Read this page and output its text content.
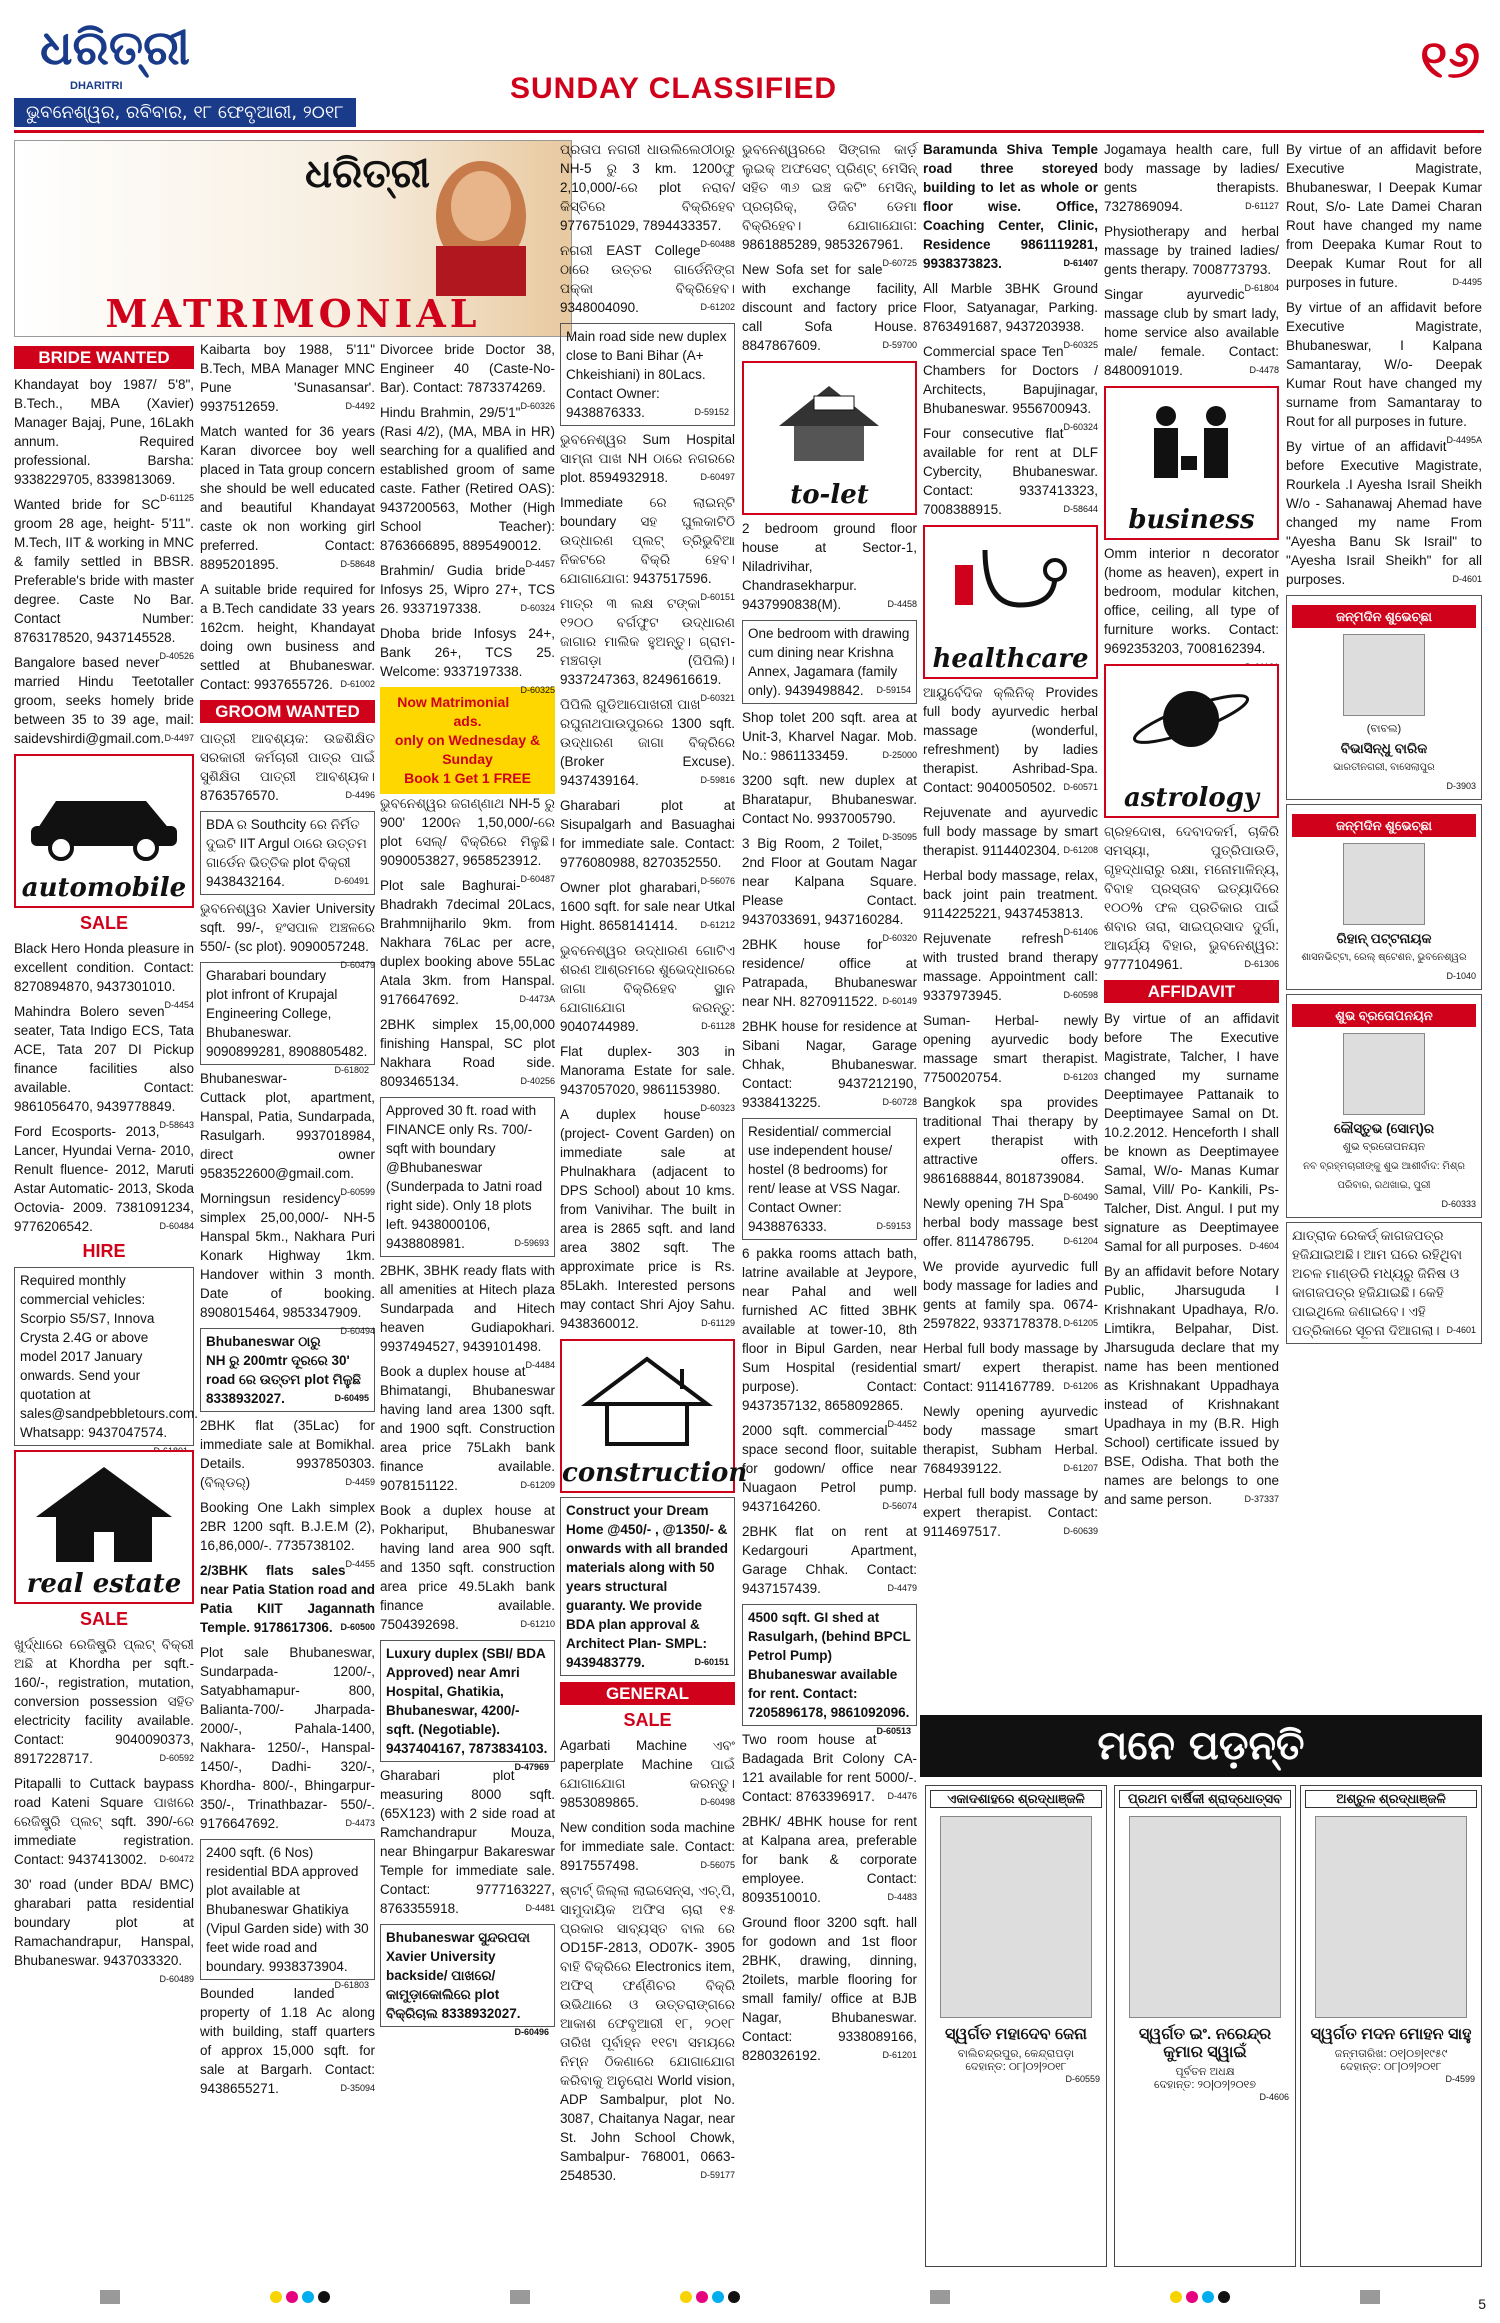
ଧରିତ୍ରୀ
DHARITRI
ଭୁବନେଶ୍ୱର, ରବିବାର, ୧୮ ଫେବୃଆରୀ, ୨୦୧୮
SUNDAY CLASSIFIED	୧୬
ଧରିତ୍ରୀ
MATRIMONIAL
BRIDE WANTED

Khandayat boy 1987/ 5'8", B.Tech., MBA (Xavier) Manager Bajaj, Pune, 16Lakh annum. Required professional. Barsha: 9338229705, 8339813069.
D-61125

Wanted bride for SC groom 28 age, height- 5'11". M.Tech, IIT & working in MNC & family settled in BBSR. Preferable's bride with master degree. Caste No Bar. Contact Number: 8763178520, 9437145528.
D-40526

Bangalore based never married Hindu Teetotaller groom, seeks homely bride between 35 to 39 age, mail: saidevshirdi@gmail.com. D-4497

automobile
SALE

Black Hero Honda pleasure in excellent condition. Contact: 8270894870, 9437301010.
D-4454

Mahindra Bolero seven seater, Tata Indigo ECS, Tata ACE, Tata 207 DI Pickup finance facilities also available. Contact: 9861056470, 9439778849.
D-58643

Ford Ecosports- 2013, Lancer, Hyundai Verna- 2010, Renult fluence- 2012, Maruti Astar Automatic- 2013, Skoda Octovia- 2009. 7381091234, 9776206542.	D-60484

HIRE
Required monthly commercial vehicles: Scorpio S5/S7, Innova Crysta 2.4G or above model 2017 January onwards. Send your quotation at sales@sandpebbletours.com. Whatsapp: 9437047574.
real estate
SALE

ଖୁର୍ଦ୍ଧାରେ ରେଜିଷ୍ଟ୍ରି ପ୍ଲଟ୍ ବିକ୍ରୀ ଅଛି at Khordha per sqft.- 160/-, registration, mutation, conversion possession ସହିତ electricity facility available. Contact: 9040090373, 8917228717.	D-60592

Pitapalli to Cuttack baypass road Kateni Square ପାଖରେ ରେଜିଷ୍ଟ୍ରି ପ୍ଲଟ୍ sqft. 390/-ରେ immediate registration. Contact: 9437413002. D-60472

30' road (under BDA/ BMC) gharabari patta residential boundary plot at Ramachandrapur, Hanspal, Bhubaneswar. 9437033320.
D-60489

Kaibarta boy 1988, 5'11" B.Tech, MBA Manager MNC Pune 'Sunasansar'. 9937512659.	D-4492

Match wanted for 36 years Karan divorcee boy well placed in Tata group concern she should be well educated and beautiful Khandayat caste ok non working girl preferred. Contact: 8895201895.	D-58648

A suitable bride required for a B.Tech candidate 33 years 162cm. height, Khandayat doing own business and settled at Bhubaneswar. Contact: 9937655726. D-61002

GROOM WANTED

ପାତ୍ରୀ ଆବଶ୍ୟକ: ଉଚ୍ଚଶିକ୍ଷିତ ସରକାରୀ କର୍ମଚାରୀ ପାତ୍ର ପାଇଁ ସୁଶିକ୍ଷିତା ପାତ୍ରୀ ଆବଶ୍ୟକ। 8763576570.	D-4496

BDA ର Southcity ରେ ନିର୍ମିତ ଦୁଇଟି IIT Argul ଠାରେ ଉତ୍ତମ ଗାର୍ଡେନ ଭିତ୍ତିକ plot ବିକ୍ରୀ 9438432164.	D-60491

ଭୁବନେଶ୍ୱର Xavier University sqft. 99/-, ହଂସପାଳ ଅଞ୍ଚଳରେ 550/- (sc plot). 9090057248.
D-60479

Gharabari boundary plot infront of Krupajal Engineering College, Bhubaneswar. 9090899281, 8908805482.
D-61802

Bhubaneswar- Cuttack plot, apartment, Hanspal, Patia, Sundarpada, Rasulgarh. 9937018984, direct owner 9583522600@gmail.com.
D-60599

Morningsun residency simplex 25,00,000/- NH-5 Hanspal 5km., Nakhara Puri Konark Highway 1km. Handover within 3 month. Date of booking. 8908015464, 9853347909.
D-60494

Bhubaneswar ଠାରୁ NH ରୁ 200mtr ଦୂରରେ 30' road ରେ ଉତ୍ତମ plot ମିଳୁଛି 8338932027.	D-60495

2BHK flat (35Lac) for immediate sale at Bomikhal. Details. 9937850303. (ବିଲ୍ଡର୍)	D-4459

Booking One Lakh simplex 2BR 1200 sqft. B.J.E.M (2), 16,86,000/-. 7735738102.
D-4455

2/3BHK flats sales near Patia Station road and Patia KIIT Jagannath Temple. 9178617306. D-60500

Plot sale Bhubaneswar, Sundarpada- 1200/-, Satyabhamapur- 800, Balianta-700/- Jharpada- 2000/-, Pahala-1400, Nakhara- 1250/-, Hanspal- 1450/-, Dadhi- 320/-, Khordha- 800/-, Bhingarpur- 350/-, Trinathbazar- 550/-. 9176647692.	D-4473

2400 sqft. (6 Nos) residential BDA approved plot available at Bhubaneswar Ghatikiya (Vipul Garden side) with 30 feet wide road and boundary. 9938373904.
D-61803

Bounded landed property of 1.18 Ac along with building, staff quarters of approx 15,000 sqft. for sale at Bargarh. Contact: 9438655271.	D-35094

Divorcee bride Doctor 38, Engineer 40 (Caste-No- Bar). Contact: 7873374269.
D-60326

Hindu Brahmin, 29/5'1" (Rasi 4/2), (MA, MBA in HR) searching for a qualified and established groom of same caste. Father (Retired OAS): 9437200563, Mother (High School Teacher): 8763666895, 8895490012.
D-4457

Brahmin/ Gudia bride Infosys 25, Wipro 27+, TCS 26. 9337197338.	D-60324

Dhoba bride Infosys 24+, Bank 26+, TCS 25. Welcome: 9337197338.
D-60325

Now Matrimonial ads.
only on Wednesday &
Sunday
Book 1 Get 1 FREE

ଭୁବନେଶ୍ୱର ଜଗଣ୍ଣାଥ NH-5 ରୁ 900' 1200ନ 1,50,000/-ରେ plot ସେଲ୍/ ବିକ୍ରିରେ ମିଳୁଛି। 9090053827, 9658523912.
D-60487

Plot sale Baghurai- Bhadrakh 7decimal 20Lacs, Brahmnijharilo 9km. from Nakhara 76Lac per acre, duplex booking above 55Lac Atala 3km. from Hanspal. 9176647692.	D-4473A

2BHK simplex 15,00,000 finishing Hanspal, SC plot Nakhara Road side. 8093465134.	D-40256

Approved 30 ft. road with FINANCE only Rs. 700/- sqft with boundary @Bhubaneswar (Sunderpada to Jatni road right side). Only 18 plots left. 9438000106, 9438808981.	D-59693

2BHK, 3BHK ready flats with all amenities at Hitech plaza Sundarpada and Hitech heaven Gudiapokhari. 9937494527, 9439101498.
D-4484

Book a duplex house at Bhimatangi, Bhubaneswar having land area 1300 sqft. and 1900 sqft. Construction area price 75Lakh bank finance available. 9078151122.	D-61209

Book a duplex house at Pokhariput, Bhubaneswar having land area 900 sqft. and 1350 sqft. construction area price 49.5Lakh bank finance available. 7504392698.	D-61210

Luxury duplex (SBI/ BDA Approved) near Amri Hospital, Ghatikia, Bhubaneswar, 4200/- sqft. (Negotiable). 9437404167, 7873834103.
D-47969

Gharabari plot measuring 8000 sqft. (65X123) with 2 side road at Ramchandrapur Mouza, near Bhingarpur Bakareswar Temple for immediate sale. Contact: 9777163227, 8763355918.	D-4481

Bhubaneswar ସୁନ୍ଦରପଦା Xavier University backside/ ପାଖରେ/ କାମୁଡ଼ାକୋଲିରେ plot ବିକ୍ରିଚାଲ 8338932027.
D-60496

ପ୍ରତାପ ନଗରୀ ଧାଉଲିଲେଠୀଠାରୁ NH-5 ରୁ 3 km. 1200ଫୁ 2,10,000/-ରେ plot ନରାବ/ କିସ୍ତିରେ ବିକ୍ରିହେବ 9776751029, 7894433357.
D-60488

ନଗରୀ EAST College ଠାରେ ଉତ୍ତର ଗାର୍ଡେନିଙ୍ଗ ପକ୍କା ବିକ୍ରିହେବ। 9348004090.	D-61202

Main road side new duplex close to Bani Bihar (A+ Chkeishiani) in 80Lacs. Contact Owner: 9438876333.	D-59152

ଭୁବନେଶ୍ୱର Sum Hospital ସାମ୍ନା ପାଖ NH ଠାରେ ନଗରରେ plot. 8594932918.	D-60497

Immediate ରେ ଲାଇନ୍ଟି boundary ସହ ଘୁଲକାଟିଠି ଉଦ୍ଧାରଣ ପ୍ଲଟ୍ ତ୍ରିଭୁବିଆ ନିକଟରେ ବିକ୍ରି ହେବ। ଯୋଗାଯୋଗ: 9437517596.
D-60151

ମାତ୍ର ୩ ଲକ୍ଷ ଟଙ୍କା ୧୨୦୦ ବର୍ଗଫୁଟ ଉଦ୍ଧାରଣ ଜାଗାର ମାଲିକ ହୁଅନ୍ତୁ। ଗ୍ରାମ-ମଞ୍ଚଗଡ଼ା (ପିପିଲି)। 9337247363, 8249616619.
D-60321

ପିପିଲି ଗୁଡିଆପୋଖରୀ ପାଖ ରଘୁନାଥପାଉପୁରରେ 1300 sqft. ଉଦ୍ଧାରଣ ଜାଗା ବିକ୍ରିରେ (Broker Excuse). 9437439164.	D-59816

Gharabari plot at Sisupalgarh and Basuaghai for immediate sale. Contact: 9776080988, 8270352550.
D-56076

Owner plot gharabari, 1600 sqft. for sale near Utkal Hight. 8658141414.	D-61212

ଭୁବନେଶ୍ୱର ଉଦ୍ଧାରଣ ଗୋଟିଏ ଶରଣ ଆଶ୍ରମରେ ଶୁଭେଦ୍ଧାରରେ ଜାଗା ବିକ୍ରିହେବ ସ୍ଥାନ ଯୋଗାଯୋଗ କରନ୍ତୁ: 9040744989.	D-61128

Flat duplex- 303 in Manorama Estate for sale. 9437057020, 9861153980.
D-60323

A duplex house (project- Covent Garden) on immediate sale at Phulnakhara (adjacent to DPS School) about 10 kms. from Vanivihar. The built in area is 2865 sqft. and land area 3802 sqft. The approximate price is Rs. 85Lakh. Interested persons may contact Shri Ajoy Sahu. 9438360012.	D-61129

construction
Construct your Dream Home @450/- , @1350/- & onwards with all branded materials along with 50 years structural guaranty. We provide BDA plan approval & Architect Plan- SMPL: 9439483779.	D-60151
GENERAL
SALE

Agarbati Machine ଏବଂ paperplate Machine ପାଇଁ ଯୋଗାଯୋଗ କରନ୍ତୁ। 9853089865.	D-60498

New condition soda machine for immediate sale. Contact: 8917557498.	D-56075

ଷ୍ଟାର୍ଟ୍ ଜିଲ୍ଲା ଲାଇସେନ୍ସ, ଏଚ୍.ପି, ସାମୁଦାୟିକ ଅଫିସ ଚାରା ୧୫ ପ୍ରକାର ସାବ୍ୟସ୍ତ ବାଲ ରେ OD15F-2813, OD07K- 3905 ବାହି ବିକ୍ରିରେ Electronics item, ଅଫିସ୍ ଫର୍ଣ୍ଣିଚର ବିକ୍ରି ଉଭିଥାରେ ଓ ଉତ୍ତରାଙ୍ଗରେ ଆକାଶ ଫେବୃଆରୀ ୧୮, ୨୦୧୮ ତାରିଖ ପୂର୍ବାହ୍ନ ୧୧ଟା ସମୟରେ ନିମ୍ନ ଠିକଣାରେ ଯୋଗାଯୋଗ କରିବାକୁ ଅନୁରୋଧ World vision, ADP Sambalpur, plot No. 3087, Chaitanya Nagar, near St. John School Chowk, Sambalpur- 768001, 0663- 2548530.	D-59177

ଭୁବନେଶ୍ୱରରେ ସିଙ୍ଗଲ କାର୍ଡ଼ ଲୁଇକ୍ ଅଫସେଟ୍ ପ୍ରିଣ୍ଟ୍ ମେସିନ୍ ସହିତ ୩୬ ଇଞ୍ଚ କଟିଂ ମେସିନ୍, ପ୍ରଚାରିକ୍, ଡିଜିଟ ଡେମା ବିକ୍ରିହେବ। ଯୋଗାଯୋଗ: 9861885289, 9853267961.
D-60725

New Sofa set for sale with exchange facility, discount and factory price call Sofa House. 8847867609.	D-59700

to-let

2 bedroom ground floor house at Sector-1, Niladrivihar, Chandrasekharpur. 9437990838(M).	D-4458

One bedroom with drawing cum dining near Krishna Annex, Jagamara (family only). 9439498842. D-59154

Shop tolet 200 sqft. area at Unit-3, Kharvel Nagar. Mob. No.: 9861133459.	D-25000

3200 sqft. new duplex at Bharatapur, Bhubaneswar. Contact No. 9937005790.
D-35095

3 Big Room, 2 Toilet, 2nd Floor at Goutam Nagar near Kalpana Square. Please Contact. 9437033691, 9437160284.
D-60320

2BHK house for residence/ office at Patrapada, Bhubaneswar near NH. 8270911522. D-60149

2BHK house for residence at Sibani Nagar, Garage Chhak, Bhubaneswar. Contact: 9437212190, 9338413225.	D-60728

Residential/ commercial use independent house/ hostel (8 bedrooms) for rent/ lease at VSS Nagar. Contact Owner: 9438876333.	D-59153

6 pakka rooms attach bath, latrine available at Jeypore, near Pahal and well furnished AC fitted 3BHK available at tower-10, 8th floor in Bipul Garden, near Sum Hospital (residential purpose). Contact: 9437357132, 8658092865.
D-4452

2000 sqft. commercial space second floor, suitable for godown/ office near Nuagaon Petrol pump. 9437164260.	D-56074

2BHK flat on rent at Kedargouri Apartment, Garage Chhak. Contact: 9437157439.	D-4479

4500 sqft. GI shed at Rasulgarh, (behind BPCL Petrol Pump) Bhubaneswar available for rent. Contact: 7205896178, 9861092096.
D-60513

Two room house at Badagada Brit Colony CA-121 available for rent 5000/-. Contact: 8763396917. D-4476

2BHK/ 4BHK house for rent at Kalpana area, preferable for bank & corporate employee. Contact: 8093510010.	D-4483

Ground floor 3200 sqft. hall for godown and 1st floor 2BHK, drawing, dinning, 2toilets, marble flooring for small family/ office at BJB Nagar, Bhubaneswar. Contact: 9338089166, 8280326192.	D-61201

Baramunda Shiva Temple road three storeyed building to let as whole or floor wise. Office, Coaching Center, Clinic, Residence 9861119281, 9938373823.	D-61407

All Marble 3BHK Ground Floor, Satyanagar, Parking. 8763491687, 9437203938.
D-60325

Commercial space Ten Chambers for Doctors / Architects, Bapujinagar, Bhubaneswar. 9556700943.
D-60324

Four consecutive flat available for rent at DLF Cybercity, Bhubaneswar. Contact: 9337413323, 7008388915.	D-58644

healthcare

ଆୟୁର୍ବେଦିକ କ୍ଲିନିକ୍ Provides full body ayurvedic herbal massage (wonderful, refreshment) by ladies therapist. Ashribad-Spa. Contact: 9040050502. D-60571

Rejuvenate and ayurvedic full body massage by smart therapist. 9114402304. D-61208

Herbal body massage, relax, back joint pain treatment. 9114225221, 9437453813.
D-61406

Rejuvenate refresh with trusted brand therapy massage. Appointment call: 9337973945.	D-60598

Suman- Herbal- newly opening ayurvedic body massage smart therapist. 7750020754.	D-61203

Bangkok spa provides traditional Thai therapy by expert therapist with attractive offers. 9861688844, 8018739084.
D-60490

Newly opening 7H Spa herbal body massage best offer. 8114786795.	D-61204

We provide ayurvedic full body massage for ladies and gents at family spa. 0674-2597822, 9337178378. D-61205

Herbal full body massage by smart/ expert therapist. Contact: 9114167789. D-61206

Newly opening ayurvedic body massage smart therapist, Subham Herbal. 7684939122.	D-61207

Herbal full body massage by expert therapist. Contact: 9114697517.	D-60639

Jogamaya health care, full body massage by ladies/ gents therapists. 7327869094.	D-61127

Physiotherapy and herbal massage by trained ladies/ gents therapy. 7008773793.
D-61804

Singar ayurvedic massage club by smart lady, home service also available male/ female. Contact: 8480091019.	D-4478

business

Omm interior n decorator (home as heaven), expert in bedroom, modular kitchen, office, ceiling, all type of furniture works. Contact: 9692353203, 7008162394.

astrology

ଗ୍ରହଦୋଷ, ଦେବାଦକର୍ମ, ଚାକିରି ସମସ୍ୟା, ପୁତ୍ରିପାଉଡି, ଗୃହଦ୍ଧାରାରୁ ରକ୍ଷା, ମନୋମାଳିନ୍ୟ, ବିବାହ ପ୍ରସ୍ତାବ ଇତ୍ୟାଦିରେ ୧୦୦% ଫଳ ପ୍ରତିକାର ପାଇଁ ଶବାର ତାରା, ସାଇପ୍ରସାଦ ଦୁର୍ଗା, ଆଚାର୍ଯ୍ୟ ବିହାର, ଭୁବନେଶ୍ୱର: 9777104961.	D-61306

AFFIDAVIT

By virtue of an affidavit before The Executive Magistrate, Talcher, I have changed my surname Deeptimayee Pattanaik to Deeptimayee Samal on Dt. 10.2.2012. Henceforth I shall be known as Deeptimayee Samal, W/o- Manas Kumar Samal, Vill/ Po- Kankili, Ps- Talcher, Dist. Angul. I put my signature as Deeptimayee Samal for all purposes. D-4604

By an affidavit before Notary Public, Jharsuguda I Krishnakant Upadhaya, R/o. Limtikra, Belpahar, Dist. Jharsuguda declare that my name has been mentioned as Krishnakant Uppadhaya instead of Krishnakant Upadhaya in my (B.R. High School) certificate issued by BSE, Odisha. That both the names are belongs to one and same person.	D-37337

By virtue of an affidavit before Executive Magistrate, Bhubaneswar, I Deepak Kumar Rout, S/o- Late Damei Charan Rout have changed my name from Deepaka Kumar Rout to Deepak Kumar Rout for all purposes in future.	D-4495

By virtue of an affidavit before Executive Magistrate, Bhubaneswar, I Kalpana Samantaray, W/o- Deepak Kumar Rout have changed my surname from Samantaray to Rout for all purposes in future.
D-4495A

By virtue of an affidavit before Executive Magistrate, Rourkela .I Ayesha Israil Sheikh W/o - Sahanawaj Ahemad have changed my name From "Ayesha Banu Sk Israil" to "Ayesha Israil Sheikh" for all purposes.	D-4601

ଜନ୍ମଦିନ ଶୁଭେଚ୍ଛା
(ବାବଲ)
ବିଭାସିନ୍ଧୁ ବାରିକ
ଭାରତୀନଗରୀ, ବାସେଲାପୁର
D-3903
ଜନ୍ମଦିନ ଶୁଭେଚ୍ଛା
ରିହାନ୍ ପଟ୍ଟନାୟକ
ଶାସନଭିଟ୍ଟା, ରେଲ୍ ଷ୍ଟେଶନ, ଭୁବନେଶ୍ୱର
D-1040
ଶୁଭ ବ୍ରତୋପନୟନ
କୌସ୍ତୁଭ (ସୋମ୍)ର
ଶୁଭ ବ୍ରତୋପନୟନ
ନବ ବ୍ରହ୍ମଚାରୀଙ୍କୁ ଶୁଭ ଆଶୀର୍ବାଦ: ମିଶ୍ର ପରିବାର, ରଥଖାଇ, ପୁରୀ
D-60333
ଯାତ୍ରାକ ରେକର୍ଡ୍ କାଗଜପତ୍ର ହଜିଯାଇଅଛି। ଆମ ଘରେ ରହିଥିବା ଅଚଳ ମାଣ୍ଡରି ମଧ୍ୟରୁ ଜିନିଷ ଓ କାଗଜପତ୍ର ହଜିଯାଇଛି। କେହି ପାଇଥିଲେ ଜଣାଇବେ। ଏହି ପତ୍ରିକାରେ ସୂଚନା ଦିଆଗଲା। D-4601
ମନେ ପଡ଼ନ୍ତି
ଏକାଦଶାହରେ ଶ୍ରଦ୍ଧାଞ୍ଜଳି
ସ୍ୱର୍ଗତ ମହାଦେବ ଜେନା
ବାଲିଚନ୍ଦ୍ରପୁର, କେନ୍ଦ୍ରାପଡ଼ା
ଦେହାନ୍ତ: ୦୮|୦୨|୨୦୧୮
D-60559
ପ୍ରଥମ ବାର୍ଷିକୀ ଶ୍ରାଦ୍ଧୋତ୍ସବ
ସ୍ୱର୍ଗତ ଇଂ. ନରେନ୍ଦ୍ର କୁମାର ସ୍ୱାଇଁ
ପୂର୍ବତନ ଅଧକ୍ଷ
ଦେହାନ୍ତ: ୨୦|୦୨|୨୦୧୭
D-4606
ଅଶ୍ରୁଳ ଶ୍ରଦ୍ଧାଞ୍ଜଳି
ସ୍ୱର୍ଗତ ମଦନ ମୋହନ ସାହୁ
ଜନ୍ମତାରିଖ: ୦୧|୦୭|୧୯୫୯
ଦେହାନ୍ତ: ୦୮|୦୨|୨୦୧୮
D-4599
5
